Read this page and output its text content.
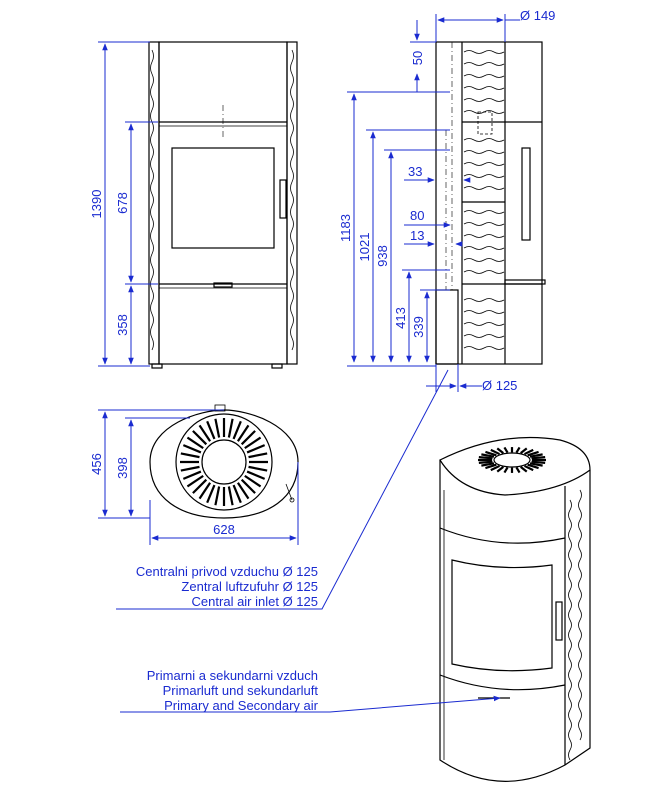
1390 678
358
Ø 149
50
1183
1021 938
413 339
33
80
13
Ø 125
456 398
628
Centralni privod vzduchu Ø 125
Zentral luftzufuhr Ø 125
Central air inlet Ø 125
Primarni a sekundarni vzduch
Primarluft und sekundarluft
Primary and Secondary air
